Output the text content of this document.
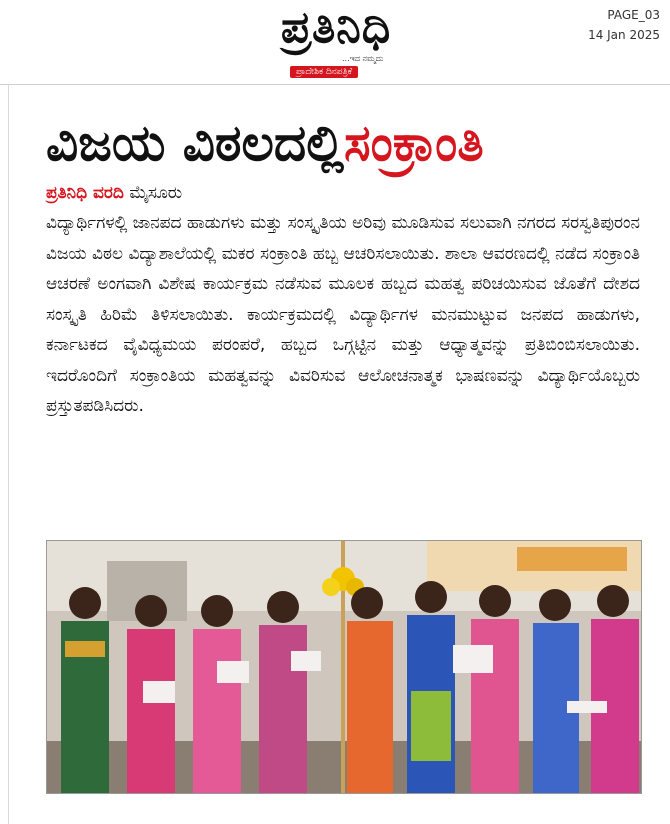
ಪ್ರತಿನಿಧಿ
...ಇದ ನಮ್ಮದು
ಪ್ರಾದೇಶಿಕ ದಿನಪತ್ರಿಕೆ
PAGE_03
14 Jan 2025
ವಿಜಯ ವಿಠಲದಲ್ಲಿಸಂಕ್ರಾಂತಿ
ಪ್ರತಿನಿಧಿ ವರದಿ ಮೈಸೂರು
ವಿದ್ಯಾರ್ಥಿಗಳಲ್ಲಿ ಜಾನಪದ ಹಾಡುಗಳು ಮತ್ತು ಸಂಸ್ಕೃತಿಯ ಅರಿವು ಮೂಡಿಸುವ ಸಲುವಾಗಿ ನಗರದ ಸರಸ್ವತಿಪುರಂನ ವಿಜಯ ವಿಠಲ ವಿದ್ಯಾಶಾಲೆಯಲ್ಲಿ ಮಕರ ಸಂಕ್ರಾಂತಿ ಹಬ್ಬ ಆಚರಿಸಲಾಯಿತು. ಶಾಲಾ ಆವರಣದಲ್ಲಿ ನಡೆದ ಸಂಕ್ರಾಂತಿ ಆಚರಣೆ ಅಂಗವಾಗಿ ವಿಶೇಷ ಕಾರ್ಯಕ್ರಮ ನಡೆಸುವ ಮೂಲಕ ಹಬ್ಬದ ಮಹತ್ವ ಪರಿಚಯಿಸುವ ಜೊತೆಗೆ ದೇಶದ ಸಂಸ್ಕೃತಿ ಹಿರಿಮೆ ತಿಳಿಸಲಾಯಿತು. ಕಾರ್ಯಕ್ರಮದಲ್ಲಿ ವಿದ್ಯಾರ್ಥಿಗಳ ಮನಮುಟ್ಟುವ ಜನಪದ ಹಾಡುಗಳು, ಕರ್ನಾಟಕದ ವೈವಿಧ್ಯಮಯ ಪರಂಪರೆ, ಹಬ್ಬದ ಒಗ್ಗಟ್ಟಿನ ಮತ್ತು ಆಧ್ಯಾತ್ಮವನ್ನು ಪ್ರತಿಬಿಂಬಿಸಲಾಯಿತು. ಇದರೊಂದಿಗೆ ಸಂಕ್ರಾಂತಿಯ ಮಹತ್ವವನ್ನು ವಿವರಿಸುವ ಆಲೋಚನಾತ್ಮಕ ಭಾಷಣವನ್ನು ವಿದ್ಯಾರ್ಥಿಯೊಬ್ಬರು ಪ್ರಸ್ತುತಪಡಿಸಿದರು.
